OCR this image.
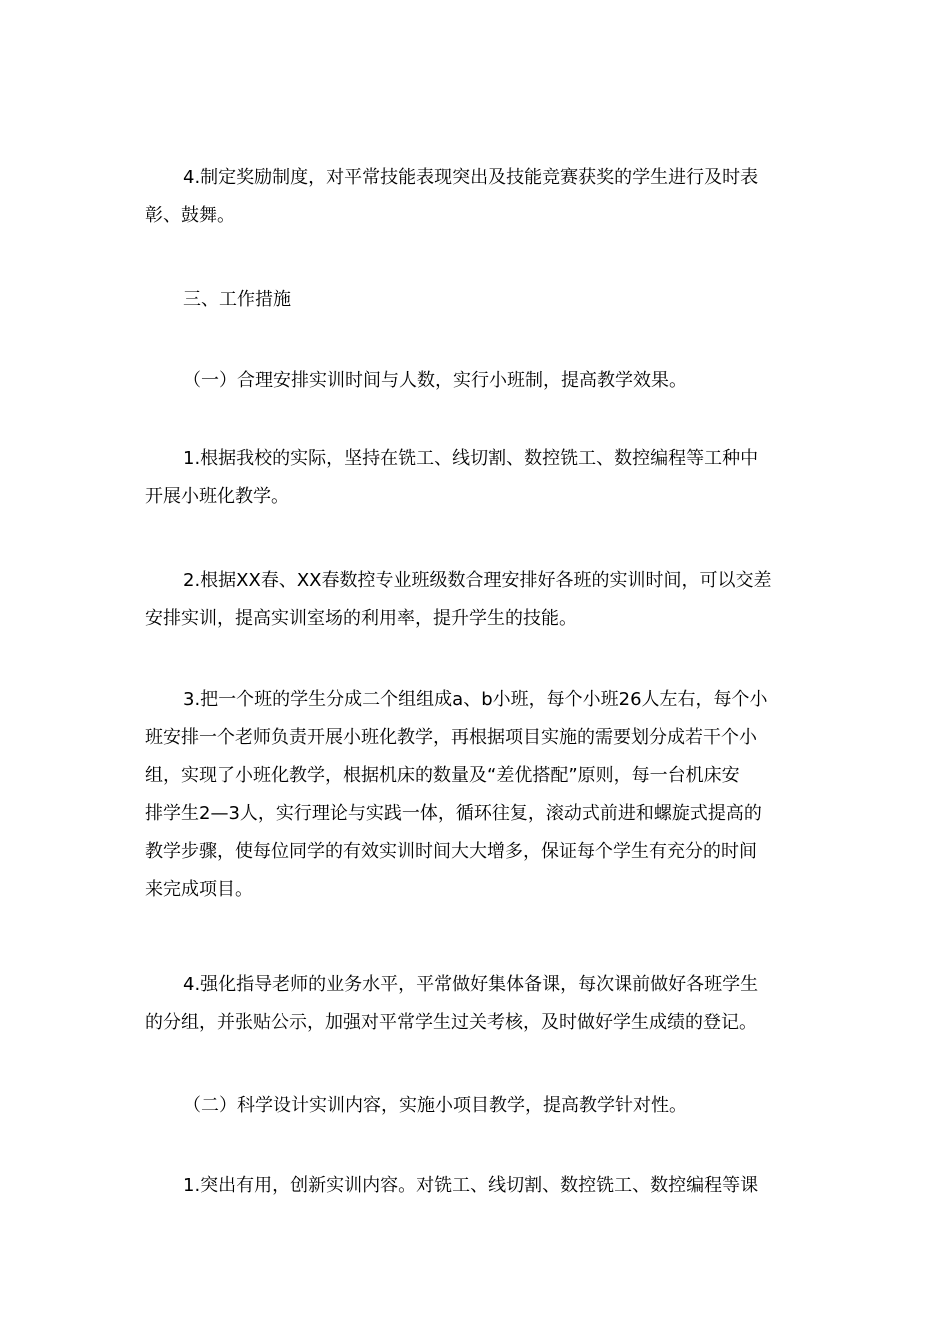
4.制定奖励制度，对平常技能表现突出及技能竞赛获奖的学生进行及时表
彰、鼓舞。
三、工作措施
（一）合理安排实训时间与人数，实行小班制，提高教学效果。
1.根据我校的实际，坚持在铣工、线切割、数控铣工、数控编程等工种中
开展小班化教学。
2.根据XX春、XX春数控专业班级数合理安排好各班的实训时间，可以交差
安排实训，提高实训室场的利用率，提升学生的技能。
3.把一个班的学生分成二个组组成a、b小班，每个小班26人左右，每个小
班安排一个老师负责开展小班化教学，再根据项目实施的需要划分成若干个小
组，实现了小班化教学，根据机床的数量及“差优搭配”原则，每一台机床安
排学生2—3人，实行理论与实践一体，循环往复，滚动式前进和螺旋式提高的
教学步骤，使每位同学的有效实训时间大大增多，保证每个学生有充分的时间
来完成项目。
4.强化指导老师的业务水平，平常做好集体备课，每次课前做好各班学生
的分组，并张贴公示，加强对平常学生过关考核，及时做好学生成绩的登记。
（二）科学设计实训内容，实施小项目教学，提高教学针对性。
1.突出有用，创新实训内容。对铣工、线切割、数控铣工、数控编程等课
